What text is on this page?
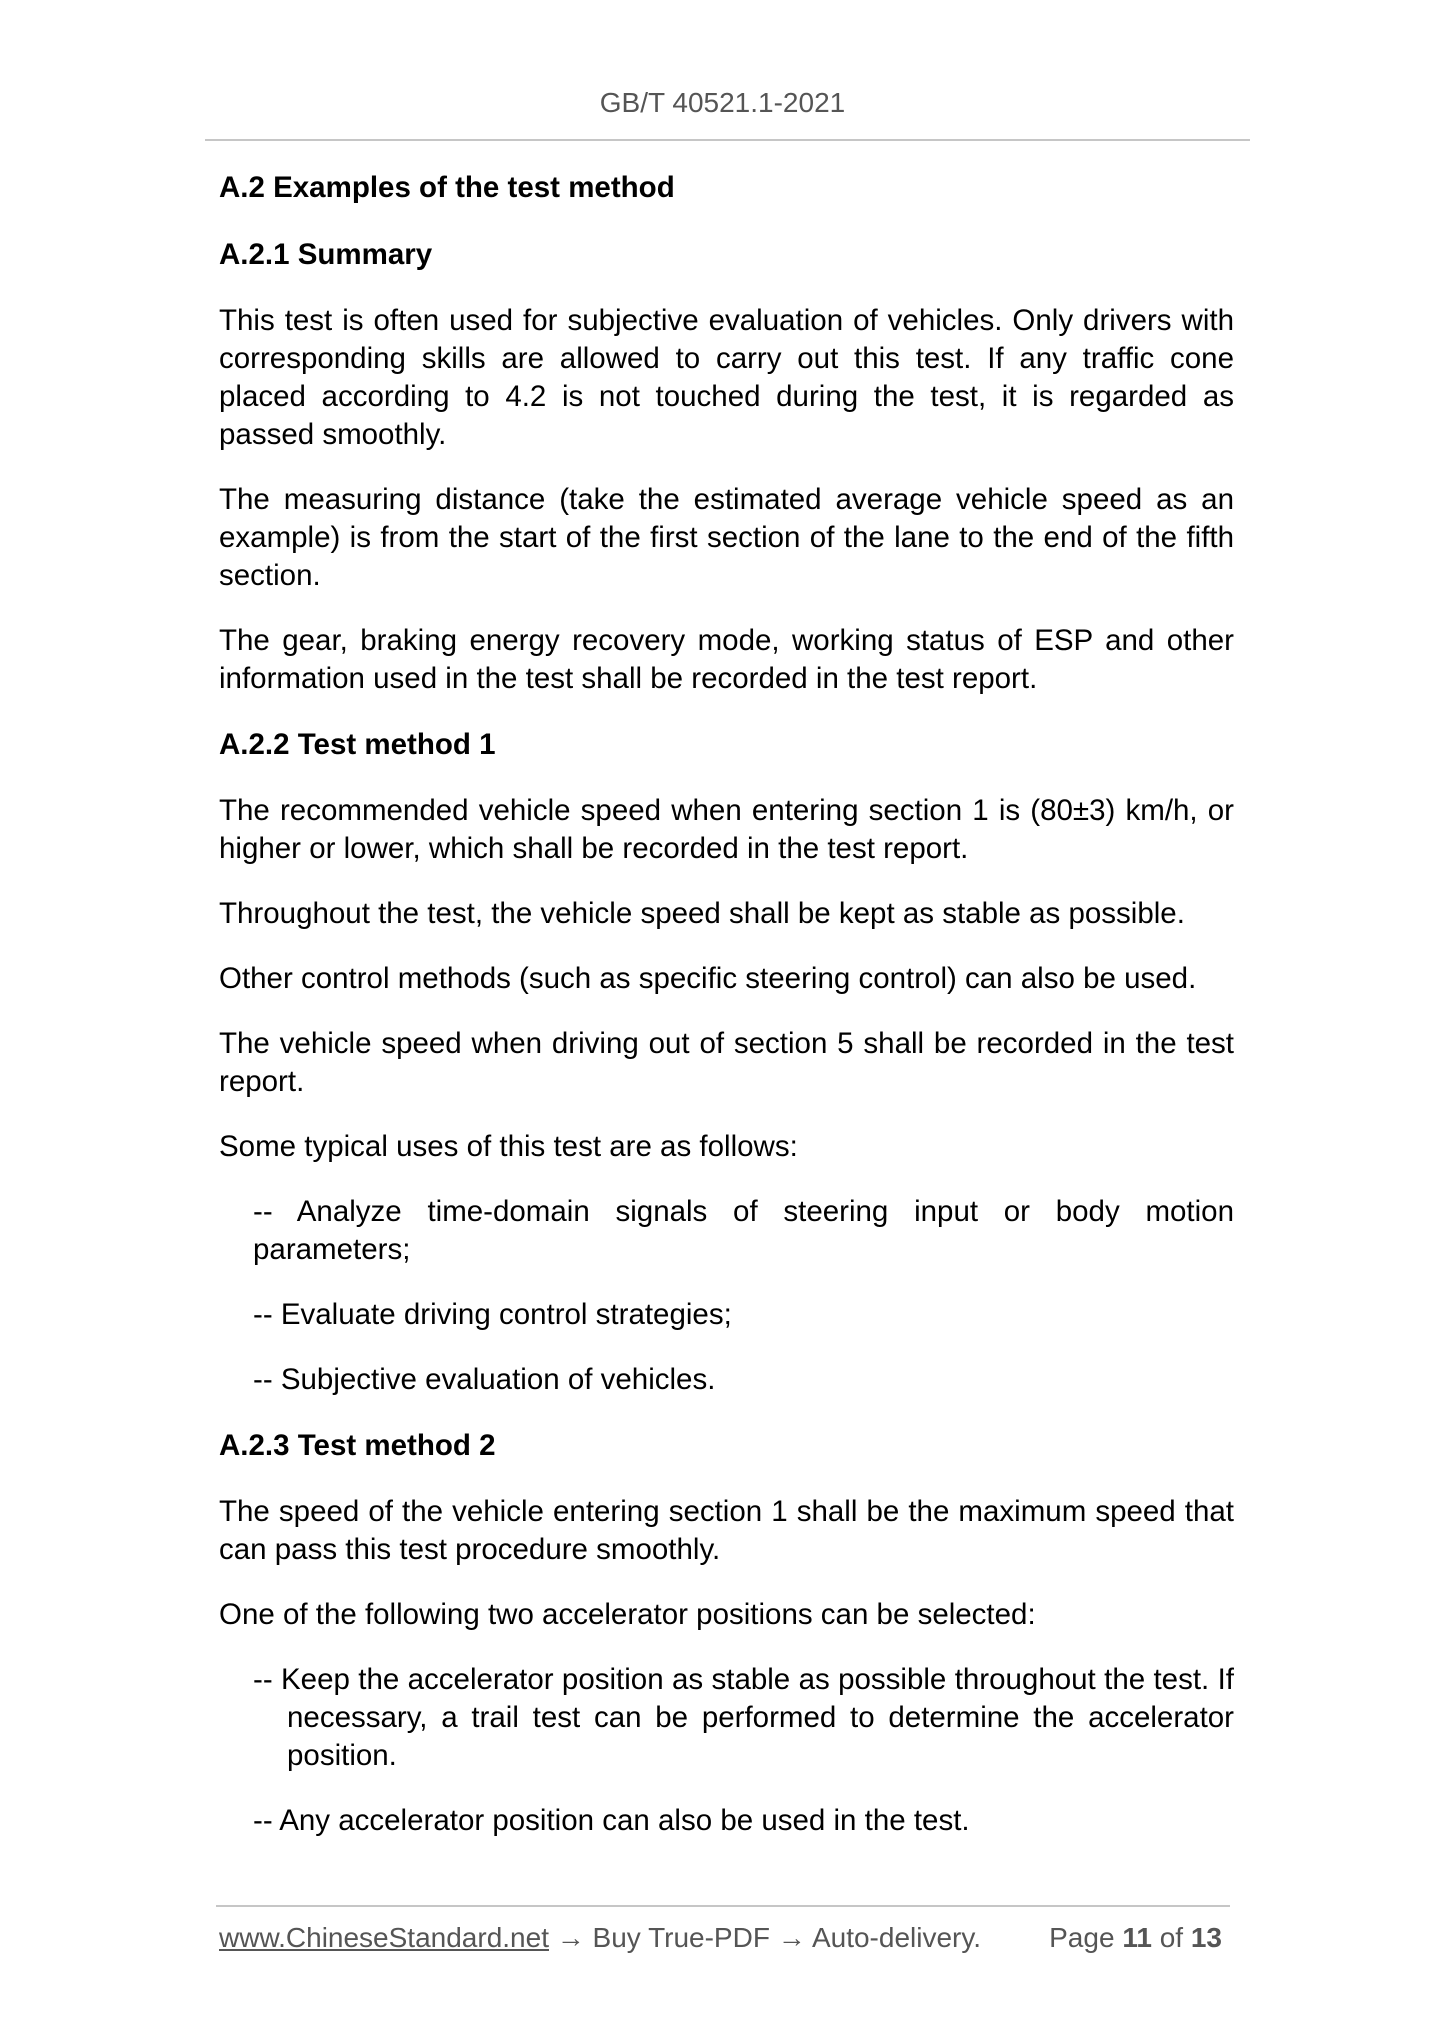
GB/T 40521.1-2021
A.2 Examples of the test method
A.2.1 Summary

This test is often used for subjective evaluation of vehicles. Only drivers with corresponding skills are allowed to carry out this test. If any traffic cone placed according to 4.2 is not touched during the test, it is regarded as passed smoothly.

The measuring distance (take the estimated average vehicle speed as an example) is from the start of the first section of the lane to the end of the fifth section.

The gear, braking energy recovery mode, working status of ESP and other information used in the test shall be recorded in the test report.

A.2.2 Test method 1

The recommended vehicle speed when entering section 1 is (80±3) km/h, or higher or lower, which shall be recorded in the test report.

Throughout the test, the vehicle speed shall be kept as stable as possible.

Other control methods (such as specific steering control) can also be used.

The vehicle speed when driving out of section 5 shall be recorded in the test report.

Some typical uses of this test are as follows:

-- Analyze time-domain signals of steering input or body motion parameters;

-- Evaluate driving control strategies;

-- Subjective evaluation of vehicles.

A.2.3 Test method 2

The speed of the vehicle entering section 1 shall be the maximum speed that can pass this test procedure smoothly.

One of the following two accelerator positions can be selected:

-- Keep the accelerator position as stable as possible throughout the test. If necessary, a trail test can be performed to determine the accelerator position.

-- Any accelerator position can also be used in the test.

www.ChineseStandard.net → Buy True-PDF → Auto-delivery. Page 11 of 13
